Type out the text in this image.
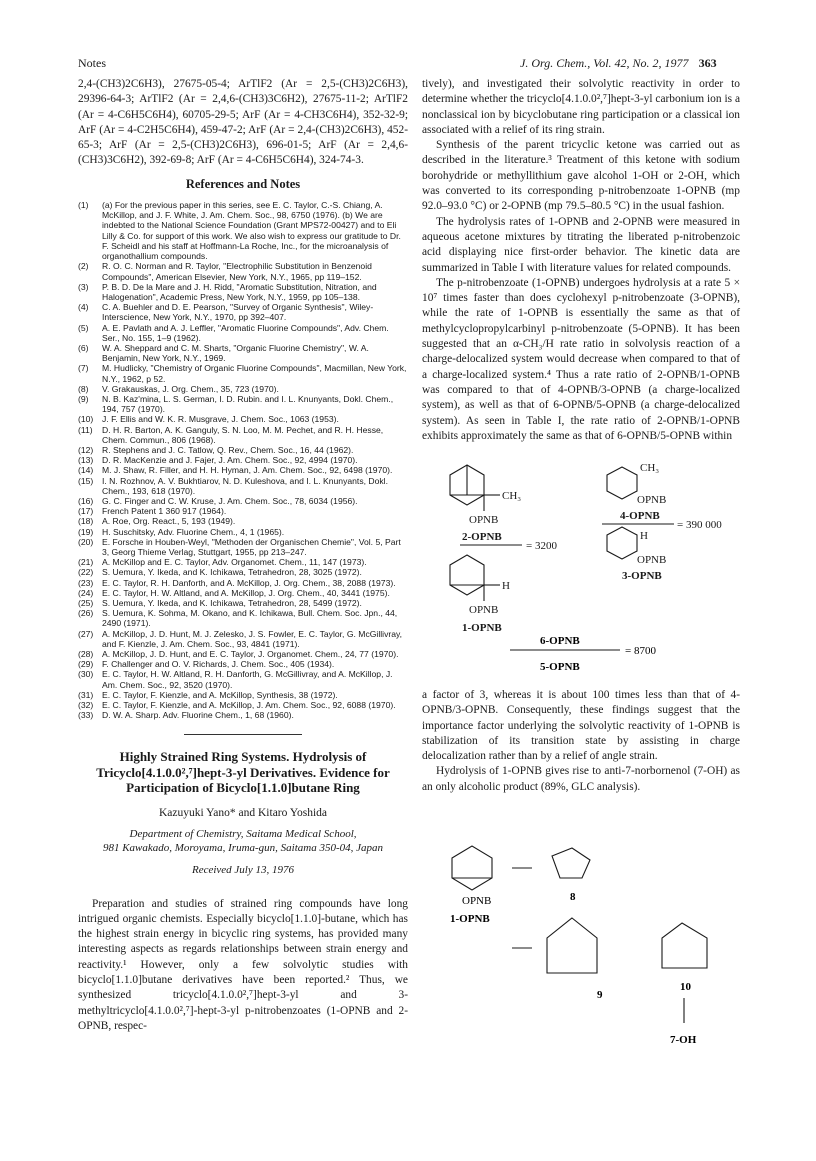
Notes	J. Org. Chem., Vol. 42, No. 2, 1977 363

2,4-(CH3)2C6H3), 27675-05-4; ArTlF2 (Ar = 2,5-(CH3)2C6H3), 29396-64-3; ArTlF2 (Ar = 2,4,6-(CH3)3C6H2), 27675-11-2; ArTlF2 (Ar = 4-C6H5C6H4), 60705-29-5; ArF (Ar = 4-CH3C6H4), 352-32-9; ArF (Ar = 4-C2H5C6H4), 459-47-2; ArF (Ar = 2,4-(CH3)2C6H3), 452-65-3; ArF (Ar = 2,5-(CH3)2C6H3), 696-01-5; ArF (Ar = 2,4,6-(CH3)3C6H2), 392-69-8; ArF (Ar = 4-C6H5C6H4), 324-74-3.

References and Notes
(1)	(a) For the previous paper in this series, see E. C. Taylor, C.-S. Chiang, A. McKillop, and J. F. White, J. Am. Chem. Soc., 98, 6750 (1976). (b) We are indebted to the National Science Foundation (Grant MPS72-00427) and to Eli Lilly & Co. for support of this work. We also wish to express our gratitude to Dr. F. Scheidl and his staff at Hoffmann-La Roche, Inc., for the microanalysis of organothallium compounds.
(2)	R. O. C. Norman and R. Taylor, "Electrophilic Substitution in Benzenoid Compounds", American Elsevier, New York, N.Y., 1965, pp 119–152.
(3)	P. B. D. De la Mare and J. H. Ridd, "Aromatic Substitution, Nitration, and Halogenation", Academic Press, New York, N.Y., 1959, pp 105–138.
(4)	C. A. Buehler and D. E. Pearson, "Survey of Organic Synthesis", Wiley-Interscience, New York, N.Y., 1970, pp 392–407.
(5)	A. E. Pavlath and A. J. Leffler, "Aromatic Fluorine Compounds", Adv. Chem. Ser., No. 155, 1–9 (1962).
(6)	W. A. Sheppard and C. M. Sharts, "Organic Fluorine Chemistry", W. A. Benjamin, New York, N.Y., 1969.
(7)	M. Hudlicky, "Chemistry of Organic Fluorine Compounds", Macmillan, New York, N.Y., 1962, p 52.
(8)	V. Grakauskas, J. Org. Chem., 35, 723 (1970).
(9)	N. B. Kaz'mina, L. S. German, I. D. Rubin. and I. L. Knunyants, Dokl. Chem., 194, 757 (1970).
(10)	J. F. Ellis and W. K. R. Musgrave, J. Chem. Soc., 1063 (1953).
(11)	D. H. R. Barton, A. K. Ganguly, S. N. Loo, M. M. Pechet, and R. H. Hesse, Chem. Commun., 806 (1968).
(12)	R. Stephens and J. C. Tatlow, Q. Rev., Chem. Soc., 16, 44 (1962).
(13)	D. R. MacKenzie and J. Fajer, J. Am. Chem. Soc., 92, 4994 (1970).
(14)	M. J. Shaw, R. Filler, and H. H. Hyman, J. Am. Chem. Soc., 92, 6498 (1970).
(15)	I. N. Rozhnov, A. V. Bukhtiarov, N. D. Kuleshova, and I. L. Knunyants, Dokl. Chem., 193, 618 (1970).
(16)	G. C. Finger and C. W. Kruse, J. Am. Chem. Soc., 78, 6034 (1956).
(17)	French Patent 1 360 917 (1964).
(18)	A. Roe, Org. React., 5, 193 (1949).
(19)	H. Suschitsky, Adv. Fluorine Chem., 4, 1 (1965).
(20)	E. Forsche in Houben-Weyl, "Methoden der Organischen Chemie", Vol. 5, Part 3, Georg Thieme Verlag, Stuttgart, 1955, pp 213–247.
(21)	A. McKillop and E. C. Taylor, Adv. Organomet. Chem., 11, 147 (1973).
(22)	S. Uemura, Y. Ikeda, and K. Ichikawa, Tetrahedron, 28, 3025 (1972).
(23)	E. C. Taylor, R. H. Danforth, and A. McKillop, J. Org. Chem., 38, 2088 (1973).
(24)	E. C. Taylor, H. W. Altland, and A. McKillop, J. Org. Chem., 40, 3441 (1975).
(25)	S. Uemura, Y. Ikeda, and K. Ichikawa, Tetrahedron, 28, 5499 (1972).
(26)	S. Uemura, K. Sohma, M. Okano, and K. Ichikawa, Bull. Chem. Soc. Jpn., 44, 2490 (1971).
(27)	A. McKillop, J. D. Hunt, M. J. Zelesko, J. S. Fowler, E. C. Taylor, G. McGillivray, and F. Kienzle, J. Am. Chem. Soc., 93, 4841 (1971).
(28)	A. McKillop, J. D. Hunt, and E. C. Taylor, J. Organomet. Chem., 24, 77 (1970).
(29)	F. Challenger and O. V. Richards, J. Chem. Soc., 405 (1934).
(30)	E. C. Taylor, H. W. Altland, R. H. Danforth, G. McGillivray, and A. McKillop, J. Am. Chem. Soc., 92, 3520 (1970).
(31)	E. C. Taylor, F. Kienzle, and A. McKillop, Synthesis, 38 (1972).
(32)	E. C. Taylor, F. Kienzle, and A. McKillop, J. Am. Chem. Soc., 92, 6088 (1970).
(33)	D. W. A. Sharp. Adv. Fluorine Chem., 1, 68 (1960).
Highly Strained Ring Systems. Hydrolysis of Tricyclo[4.1.0.0²,⁷]hept-3-yl Derivatives. Evidence for Participation of Bicyclo[1.1.0]butane Ring
Kazuyuki Yano* and Kitaro Yoshida
Department of Chemistry, Saitama Medical School,
981 Kawakado, Moroyama, Iruma-gun, Saitama 350-04, Japan
Received July 13, 1976

Preparation and studies of strained ring compounds have long intrigued organic chemists. Especially bicyclo[1.1.0]-butane, which has the highest strain energy in bicyclic ring systems, has provided many interesting aspects as regards relationships between strain energy and reactivity.¹ However, only a few solvolytic studies with bicyclo[1.1.0]butane derivatives have been reported.² Thus, we synthesized tricyclo[4.1.0.0²,⁷]hept-3-yl and 3-methyltricyclo[4.1.0.0²,⁷]-hept-3-yl p-nitrobenzoates (1-OPNB and 2-OPNB, respec-

tively), and investigated their solvolytic reactivity in order to determine whether the tricyclo[4.1.0.0²,⁷]hept-3-yl carbonium ion is a nonclassical ion by bicyclobutane ring participation or a classical ion associated with a relief of its ring strain.

Synthesis of the parent tricyclic ketone was carried out as described in the literature.³ Treatment of this ketone with sodium borohydride or methyllithium gave alcohol 1-OH or 2-OH, which was converted to its corresponding p-nitrobenzoate 1-OPNB (mp 92.0–93.0 °C) or 2-OPNB (mp 79.5–80.5 °C) in the usual fashion.

The hydrolysis rates of 1-OPNB and 2-OPNB were measured in aqueous acetone mixtures by titrating the liberated p-nitrobenzoic acid displaying nice first-order behavior. The kinetic data are summarized in Table I with literature values for related compounds.

The p-nitrobenzoate (1-OPNB) undergoes hydrolysis at a rate 5 × 10⁷ times faster than does cyclohexyl p-nitrobenzoate (3-OPNB), while the rate of 1-OPNB is essentially the same as that of methylcyclopropylcarbinyl p-nitrobenzoate (5-OPNB). It has been suggested that an α-CH₃/H rate ratio in solvolysis reaction of a charge-delocalized system would decrease when compared to that of a charge-localized system.⁴ Thus a rate ratio of 2-OPNB/1-OPNB was compared to that of 4-OPNB/3-OPNB (a charge-localized system), as well as that of 6-OPNB/5-OPNB (a charge-delocalized system). As seen in Table I, the rate ratio of 2-OPNB/1-OPNB exhibits approximately the same as that of 6-OPNB/5-OPNB within

CH₃
OPNB
2-OPNB
= 3200
H
OPNB
1-OPNB
CH₃
OPNB
4-OPNB
= 390 000
H
OPNB
3-OPNB
6-OPNB
= 8700
5-OPNB

a factor of 3, whereas it is about 100 times less than that of 4-OPNB/3-OPNB. Consequently, these findings suggest that the importance factor underlying the solvolytic reactivity of 1-OPNB is stabilization of its transition state by assisting in charge delocalization rather than by a relief of angle strain.

Hydrolysis of 1-OPNB gives rise to anti-7-norbornenol (7-OH) as an only alcoholic product (89%, GLC analysis).

OPNB
1-OPNB
8
9
10
7-OH
